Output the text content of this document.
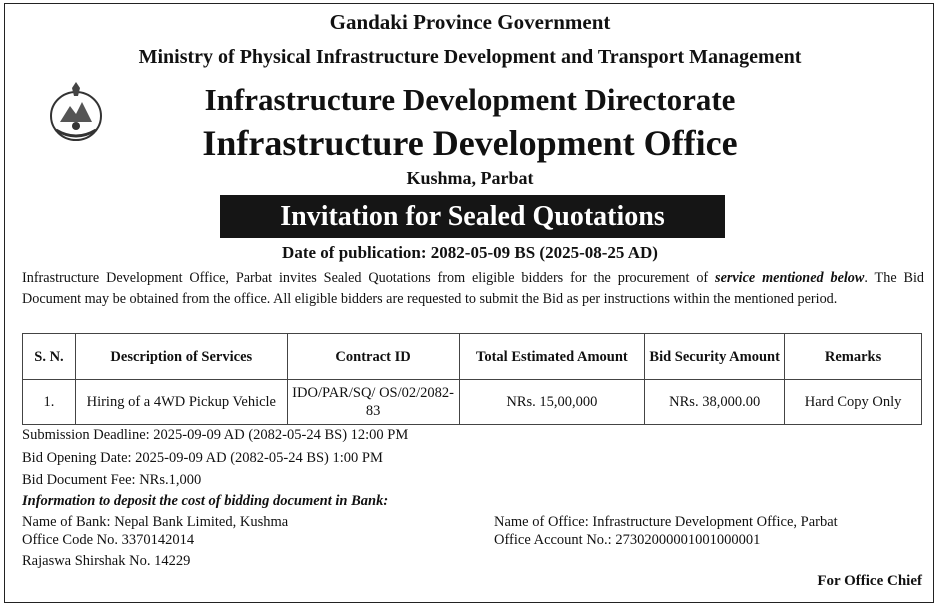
Gandaki Province Government
Ministry of Physical Infrastructure Development and Transport Management
Infrastructure Development Directorate
Infrastructure Development Office
Kushma, Parbat
Invitation for Sealed Quotations
Date of publication: 2082-05-09 BS (2025-08-25 AD)

Infrastructure Development Office, Parbat invites Sealed Quotations from eligible bidders for the procurement of service mentioned below. The Bid Document may be obtained from the office. All eligible bidders are requested to submit the Bid as per instructions within the mentioned period.

S. N.	Description of Services	Contract ID	Total Estimated Amount	Bid Security Amount	Remarks
1.	Hiring of a 4WD Pickup Vehicle	IDO/PAR/SQ/ OS/02/2082-83	NRs. 15,00,000	NRs. 38,000.00	Hard Copy Only
Submission Deadline: 2025-09-09 AD (2082-05-24 BS) 12:00 PM
Bid Opening Date: 2025-09-09 AD (2082-05-24 BS) 1:00 PM
Bid Document Fee: NRs.1,000
Information to deposit the cost of bidding document in Bank:
Name of Bank: Nepal Bank Limited, Kushma
Office Code No. 3370142014
Rajaswa Shirshak No. 14229
Name of Office: Infrastructure Development Office, Parbat
Office Account No.: 27302000001001000001
For Office Chief
